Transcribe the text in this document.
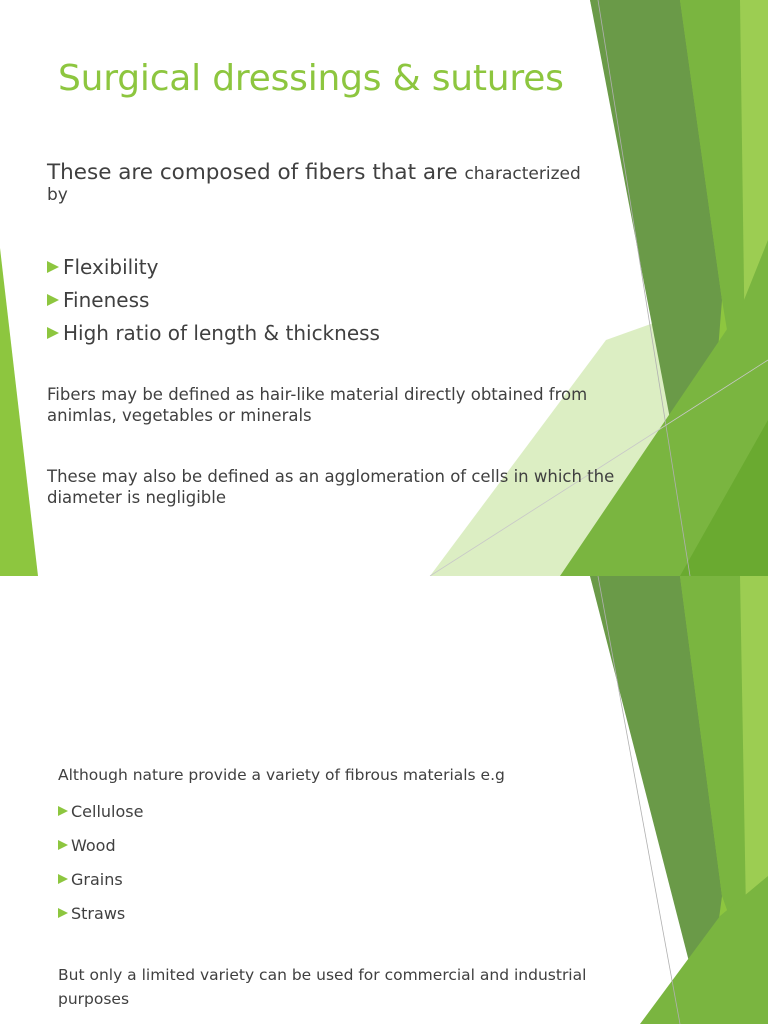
Surgical dressings & sutures
These are composed of fibers that are characterized
by
Flexibility
Fineness
High ratio of length & thickness
Fibers may be defined as hair-like material directly obtained from animlas, vegetables or minerals
These may also be defined as an agglomeration of cells in which the diameter is negligible
Although nature provide a variety of fibrous materials e.g
Cellulose
Wood
Grains
Straws
But only a limited variety can be used for commercial and industrial purposes
